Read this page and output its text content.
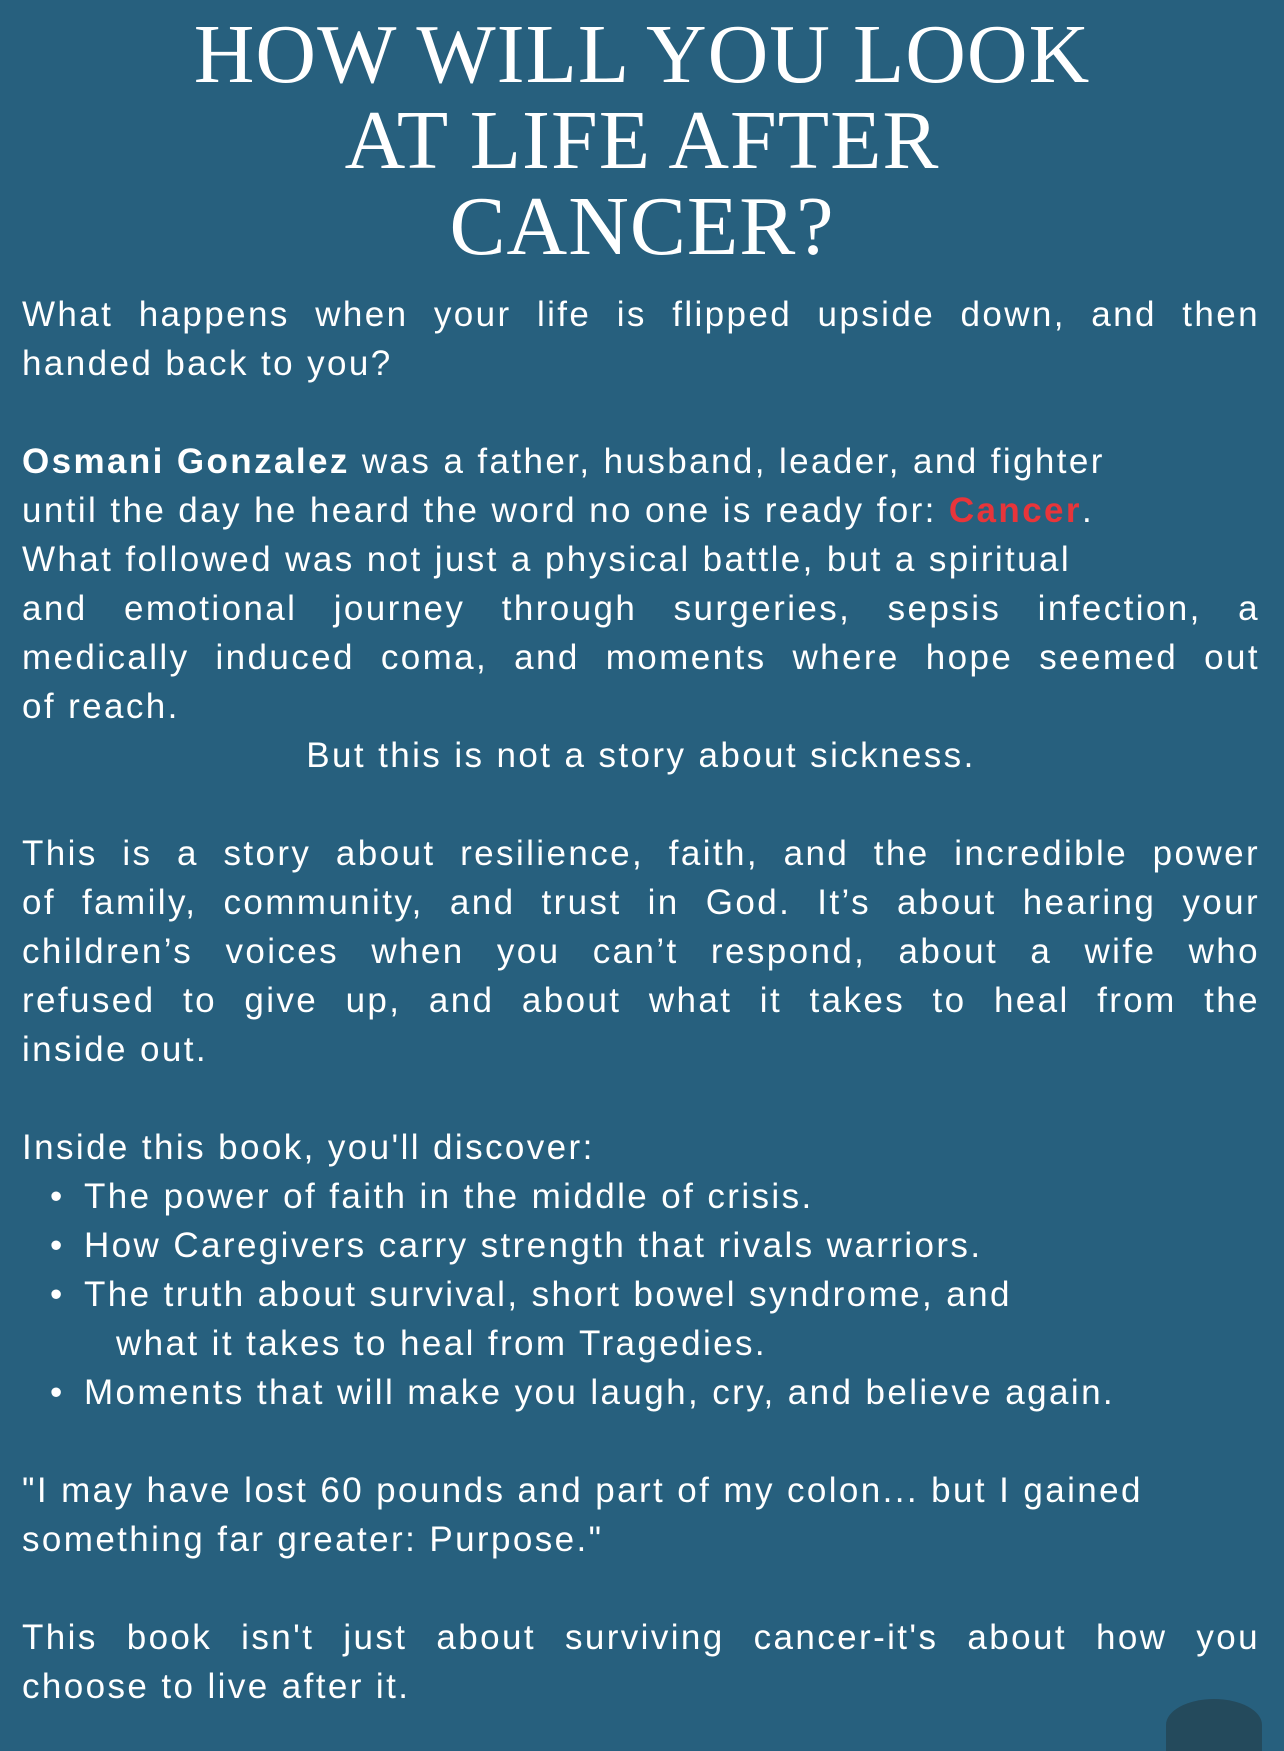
HOW WILL YOU LOOK
AT LIFE AFTER
CANCER?

What happens when your life is flipped upside down, and then

handed back to you?

Osmani Gonzalez was a father, husband, leader, and fighter

until the day he heard the word no one is ready for: Cancer.

What followed was not just a physical battle, but a spiritual

and emotional journey through surgeries, sepsis infection, a

medically induced coma, and moments where hope seemed out

of reach.

But this is not a story about sickness.

This is a story about resilience, faith, and the incredible power

of family, community, and trust in God. It’s about hearing your

children’s voices when you can’t respond, about a wife who

refused to give up, and about what it takes to heal from the

inside out.

Inside this book, you'll discover:

• The power of faith in the middle of crisis.
• How Caregivers carry strength that rivals warriors.
• The truth about survival, short bowel syndrome, and
what it takes to heal from Tragedies.
• Moments that will make you laugh, cry, and believe again.

"I may have lost 60 pounds and part of my colon... but I gained

something far greater: Purpose."

This book isn't just about surviving cancer-it's about how you

choose to live after it.
